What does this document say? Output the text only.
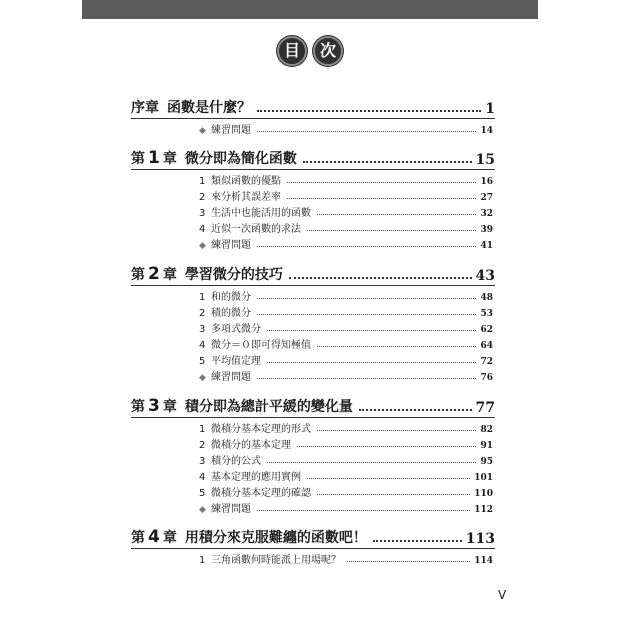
目 次
序章 函數是什麼？	1
◆ 練習問題	14
第 1 章 微分即為簡化函數	15
1 類似函數的優點	16
2 來分析其誤差率	27
3 生活中也能活用的函數	32
4 近似一次函數的求法	39
◆ 練習問題	41
第 2 章 學習微分的技巧	43
1 和的微分	48
2 積的微分	53
3 多項式微分	62
4 微分＝０即可得知極值	64
5 平均值定理	72
◆ 練習問題	76
第 3 章 積分即為總計平緩的變化量	77
1 微積分基本定理的形式	82
2 微積分的基本定理	91
3 積分的公式	95
4 基本定理的應用實例	101
5 微積分基本定理的確認	110
◆ 練習問題	112
第 4 章 用積分來克服難纏的函數吧！	113
1 三角函數何時能派上用場呢？	114
V
